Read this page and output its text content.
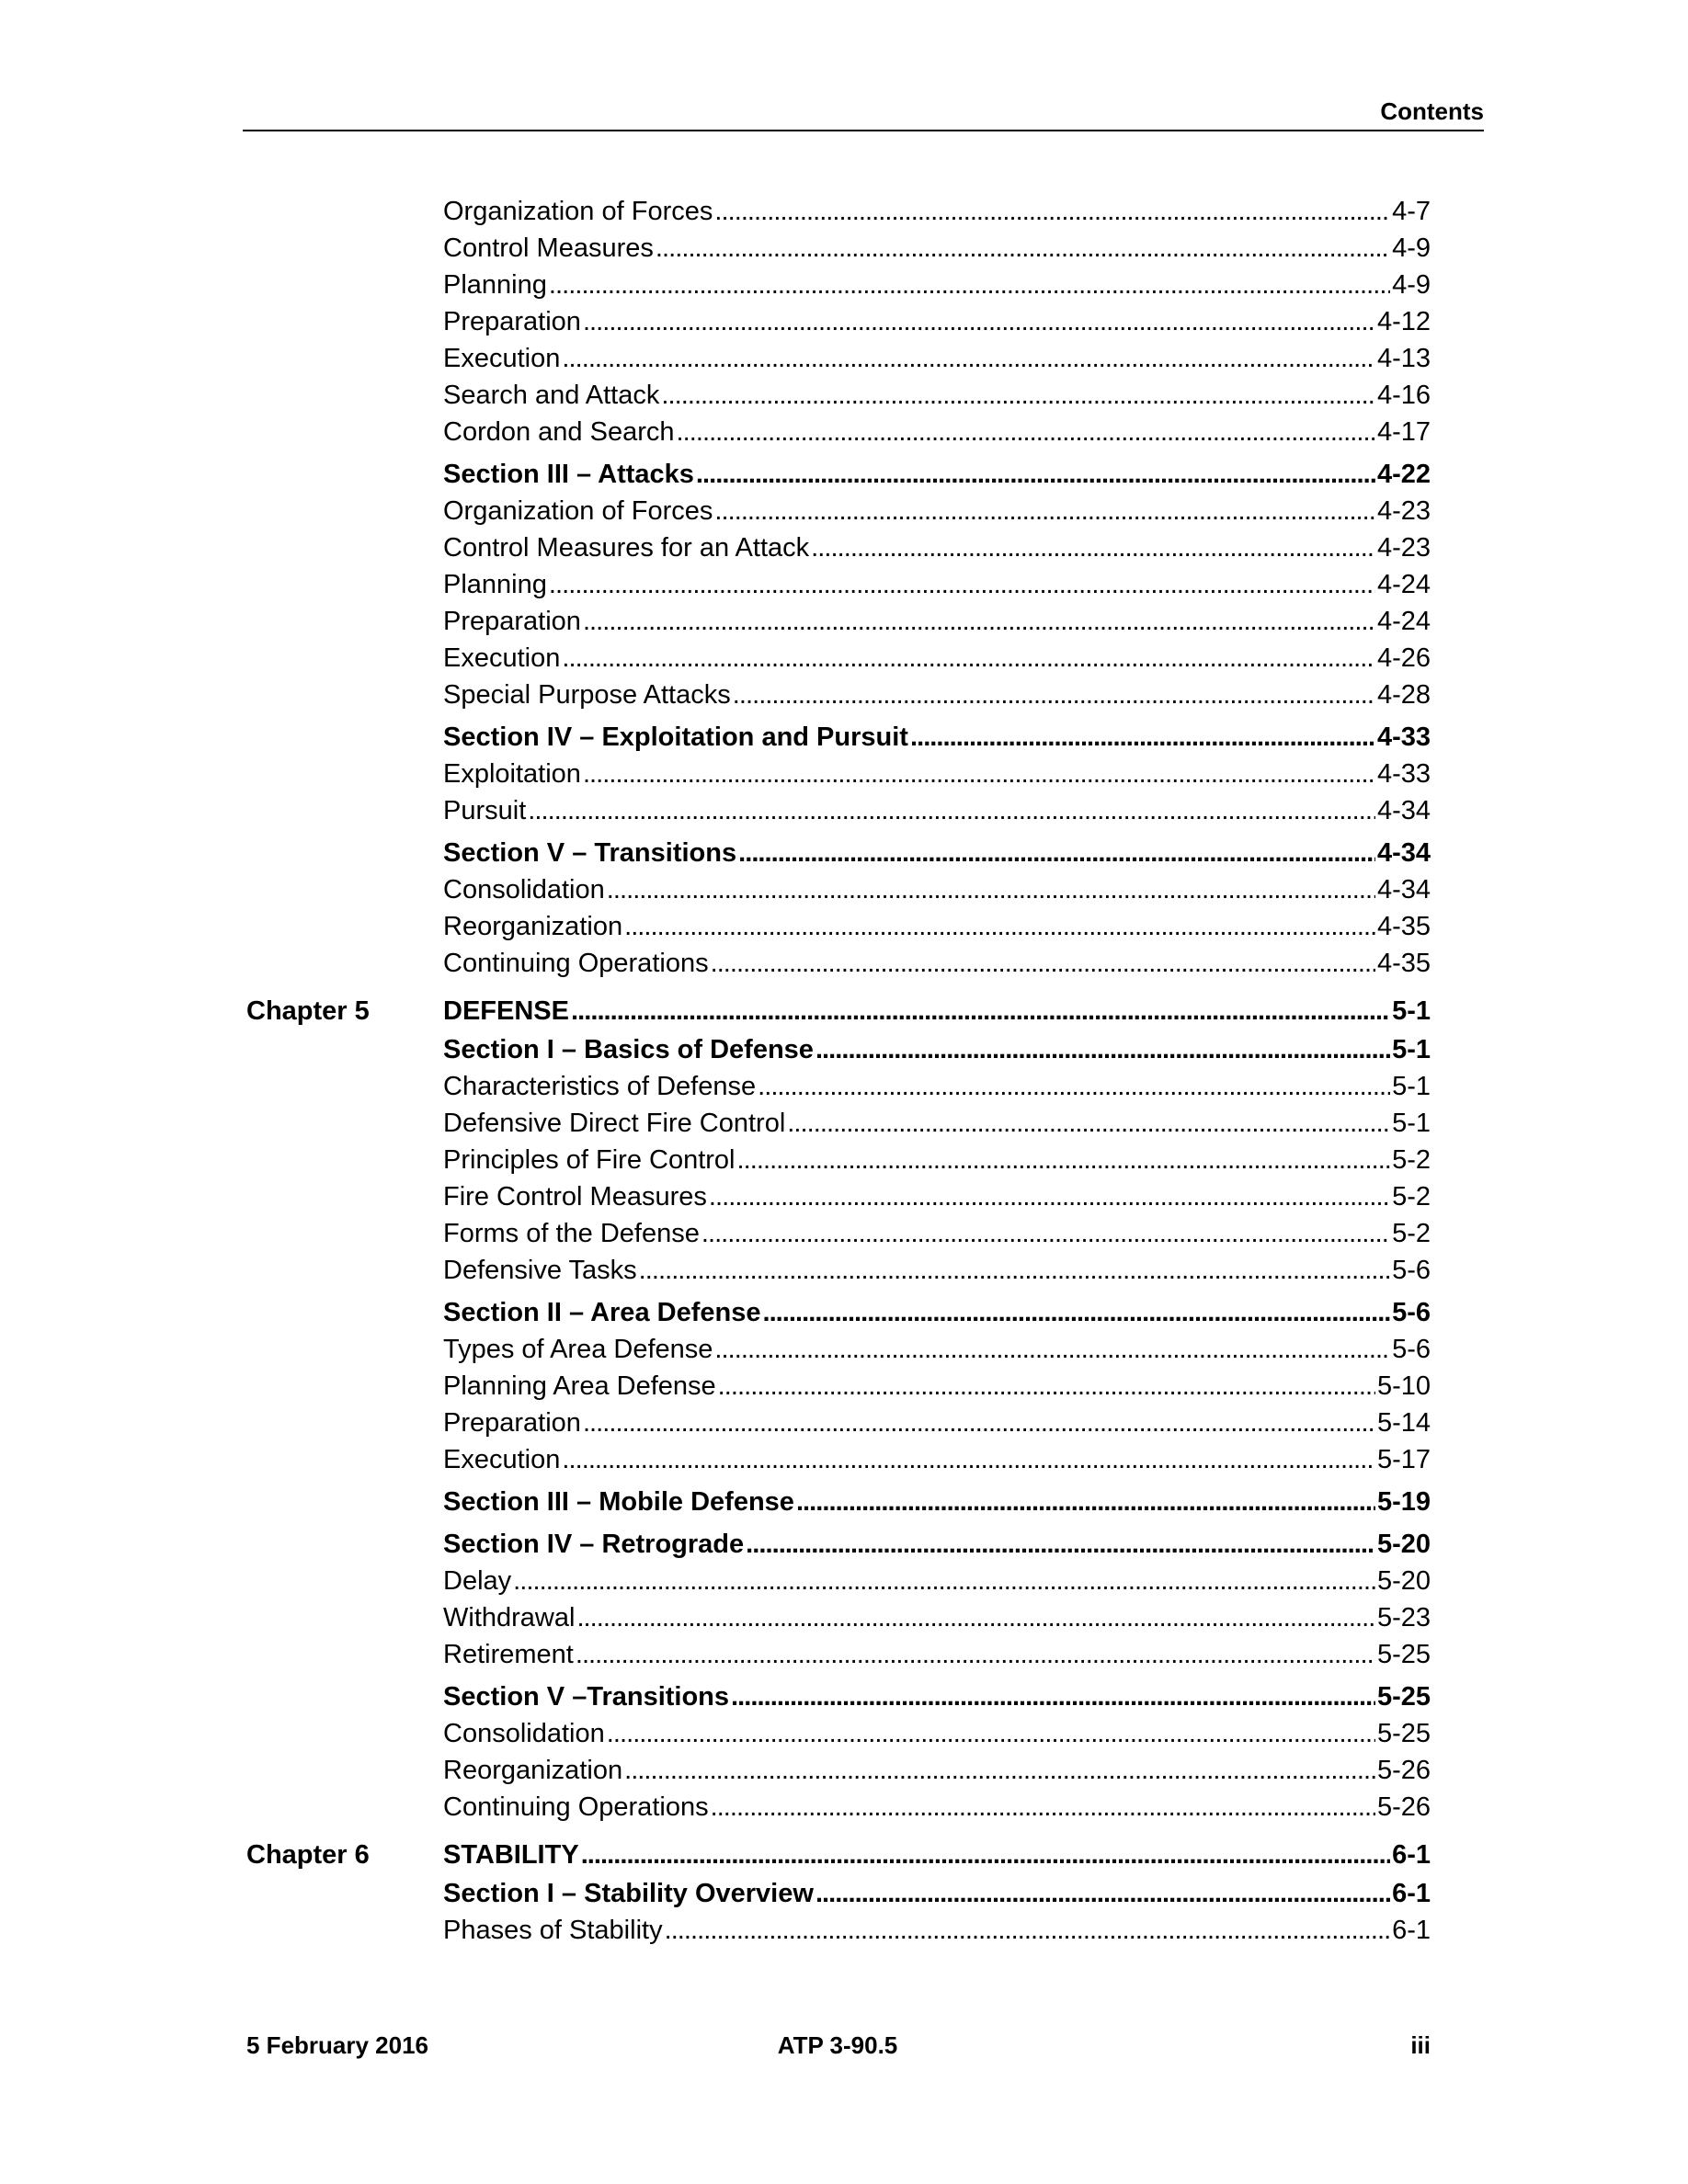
Contents
Organization of Forces . . .	4-7
Control Measures . . .	4-9
Planning . . .	4-9
Preparation . . .	4-12
Execution . . .	4-13
Search and Attack . . .	4-16
Cordon and Search . . .	4-17
Section III – Attacks . . .	4-22
Organization of Forces . . .	4-23
Control Measures for an Attack . . .	4-23
Planning . . .	4-24
Preparation . . .	4-24
Execution . . .	4-26
Special Purpose Attacks . . .	4-28
Section IV – Exploitation and Pursuit . . .	4-33
Exploitation . . .	4-33
Pursuit . . .	4-34
Section V – Transitions . . .	4-34
Consolidation . . .	4-34
Reorganization . . .	4-35
Continuing Operations . . .	4-35
Chapter 5	DEFENSE . . .	5-1
Section I – Basics of Defense . . .	5-1
Characteristics of Defense . . .	5-1
Defensive Direct Fire Control . . .	5-1
Principles of Fire Control . . .	5-2
Fire Control Measures . . .	5-2
Forms of the Defense . . .	5-2
Defensive Tasks . . .	5-6
Section II – Area Defense . . .	5-6
Types of Area Defense . . .	5-6
Planning Area Defense . . .	5-10
Preparation . . .	5-14
Execution . . .	5-17
Section III – Mobile Defense . . .	5-19
Section IV – Retrograde . . .	5-20
Delay . . .	5-20
Withdrawal . . .	5-23
Retirement . . .	5-25
Section V –Transitions . . .	5-25
Consolidation . . .	5-25
Reorganization . . .	5-26
Continuing Operations . . .	5-26
Chapter 6	STABILITY . . .	6-1
Section I – Stability Overview . . .	6-1
Phases of Stability . . .	6-1
5 February 2016	ATP 3-90.5	iii
